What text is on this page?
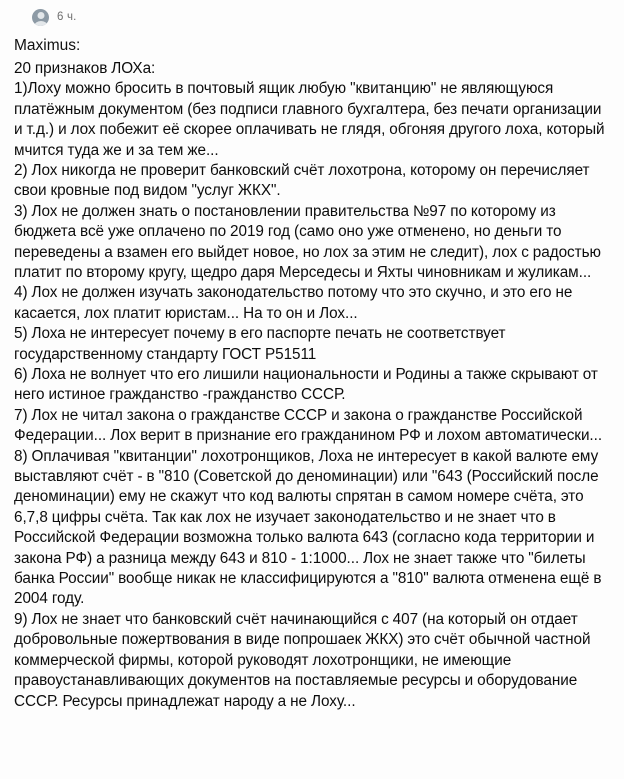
6 ч.
Maximus:

20 признаков ЛОХа:

1)Лоху можно бросить в почтовый ящик любую "квитанцию" не являющуюся платёжным документом (без подписи главного бухгалтера, без печати организации и т.д.) и лох побежит её скорее оплачивать не глядя, обгоняя другого лоха, который мчится туда же и за тем же...

2) Лох никогда не проверит банковский счёт лохотрона, которому он перечисляет свои кровные под видом "услуг ЖКХ".

3) Лох не должен знать о постановлении правительства №97 по которому из бюджета всё уже оплачено по 2019 год (само оно уже отменено, но деньги то переведены а взамен его выйдет новое, но лох за этим не следит), лох с радостью платит по второму кругу, щедро даря Мерседесы и Яхты чиновникам и жуликам...

4) Лох не должен изучать законодательство потому что это скучно, и это его не касается, лох платит юристам... На то он и Лох...

5) Лоха не интересует почему в его паспорте печать не соответствует государственному стандарту ГОСТ Р51511

6) Лоха не волнует что его лишили национальности и Родины а также скрывают от него истиное гражданство -гражданство СССР.

7) Лох не читал закона о гражданстве СССР и закона о гражданстве Российской Федерации... Лох верит в признание его гражданином РФ и лохом автоматически...

8) Оплачивая "квитанции" лохотронщиков, Лоха не интересует в какой валюте ему выставляют счёт - в "810 (Советской до деноминации) или "643 (Российский после деноминации) ему не скажут что код валюты спрятан в самом номере счёта, это 6,7,8 цифры счёта. Так как лох не изучает законодательство и не знает что в Российской Федерации возможна только валюта 643 (согласно кода территории и закона РФ) а разница между 643 и 810 - 1:1000... Лох не знает также что "билеты банка России" вообще никак не классифицируются а "810" валюта отменена ещё в 2004 году.

9) Лох не знает что банковский счёт начинающийся с 407 (на который он отдает добровольные пожертвования в виде попрошаек ЖКХ) это счёт обычной частной коммерческой фирмы, которой руководят лохотронщики, не имеющие правоустанавливающих документов на поставляемые ресурсы и оборудование СССР. Ресурсы принадлежат народу а не Лоху...
